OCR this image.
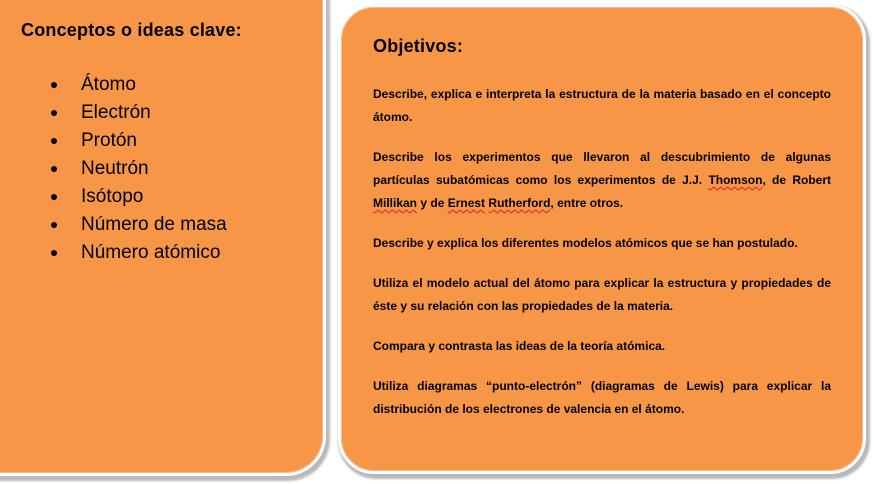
Conceptos o ideas clave:
Átomo
Electrón
Protón
Neutrón
Isótopo
Número de masa
Número atómico
Objetivos:

Describe, explica e interpreta la estructura de la materia basado en el concepto átomo.

Describe los experimentos que llevaron al descubrimiento de algunas partículas subatómicas como los experimentos de J.J. Thomson, de Robert Millikan y de Ernest Rutherford, entre otros.

Describe y explica los diferentes modelos atómicos que se han postulado.

Utiliza el modelo actual del átomo para explicar la estructura y propiedades de éste y su relación con las propiedades de la materia.

Compara y contrasta las ideas de la teoría atómica.

Utiliza diagramas “punto-electrón” (diagramas de Lewis) para explicar la distribución de los electrones de valencia en el átomo.
